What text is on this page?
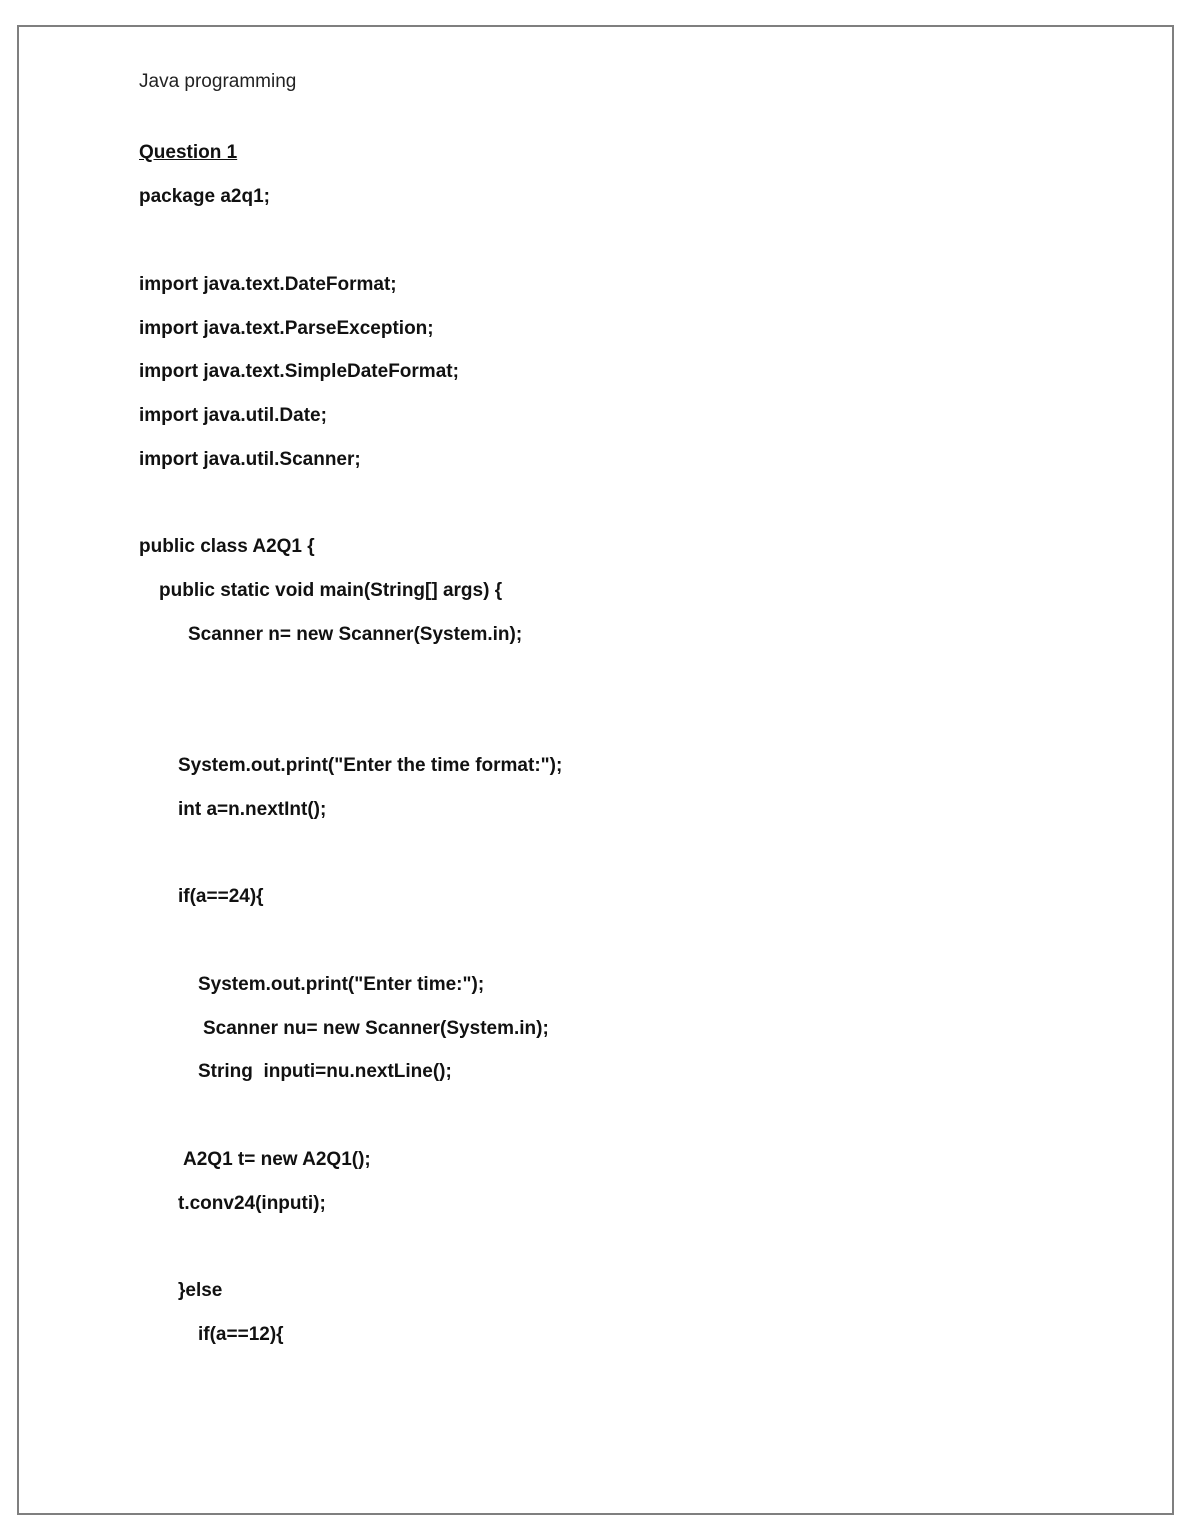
Java programming
Question 1
package a2q1;
import java.text.DateFormat;
import java.text.ParseException;
import java.text.SimpleDateFormat;
import java.util.Date;
import java.util.Scanner;
public class A2Q1 {
public static void main(String[] args) {
Scanner n= new Scanner(System.in);
System.out.print("Enter the time format:");
int a=n.nextInt();
if(a==24){
System.out.print("Enter time:");
Scanner nu= new Scanner(System.in);
String  inputi=nu.nextLine();
A2Q1 t= new A2Q1();
t.conv24(inputi);
}else
if(a==12){
